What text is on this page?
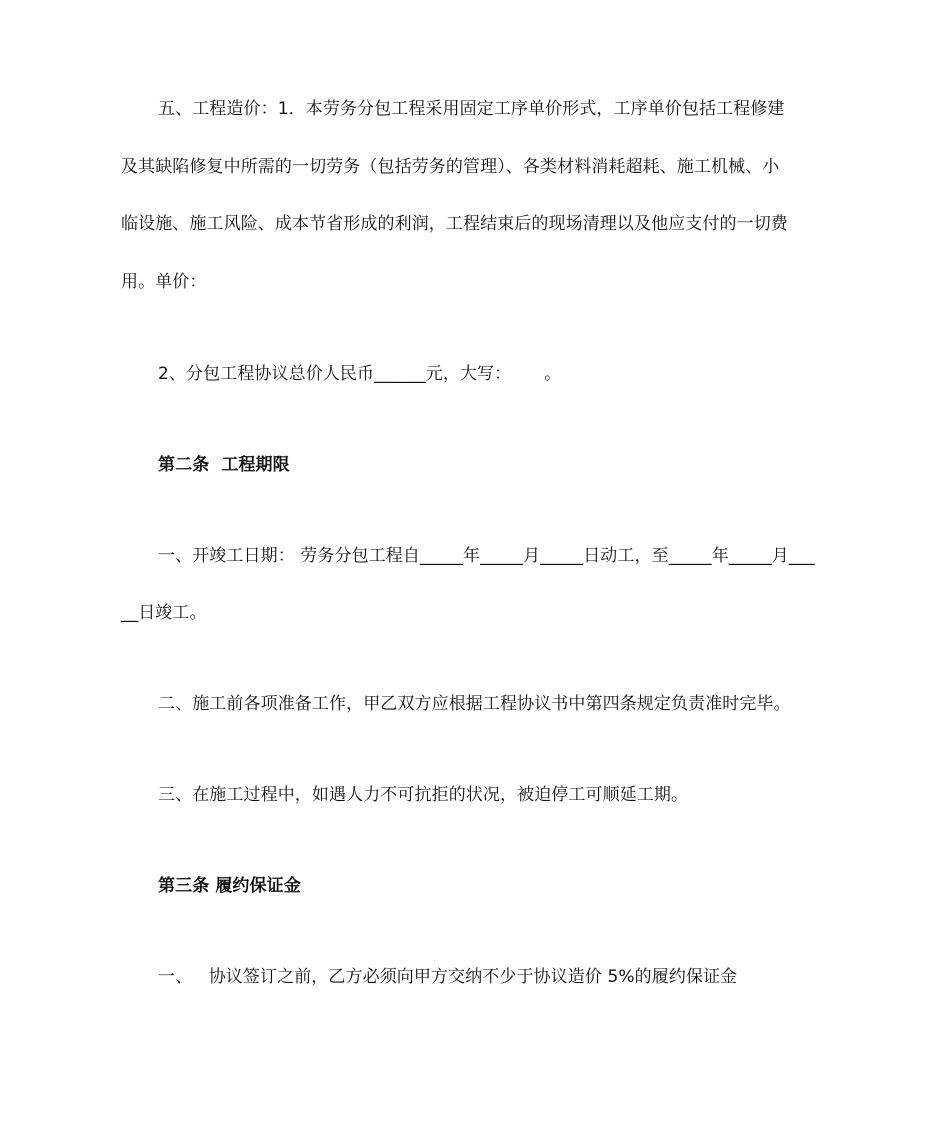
五、工程造价：1．本劳务分包工程采用固定工序单价形式，工序单价包括工程修建
及其缺陷修复中所需的一切劳务（包括劳务的管理）、各类材料消耗超耗、施工机械、小
临设施、施工风险、成本节省形成的利润，工程结束后的现场清理以及他应支付的一切费
用。单价：
2、分包工程协议总价人民币______元，大写：      。
第二条  工程期限
一、开竣工日期： 劳务分包工程自_____年_____月_____日动工，至_____年_____月___
__日竣工。
二、施工前各项准备工作，甲乙双方应根据工程协议书中第四条规定负责准时完毕。
三、在施工过程中，如遇人力不可抗拒的状况，被迫停工可顺延工期。
第三条 履约保证金
一、   协议签订之前，乙方必须向甲方交纳不少于协议造价 5%的履约保证金
